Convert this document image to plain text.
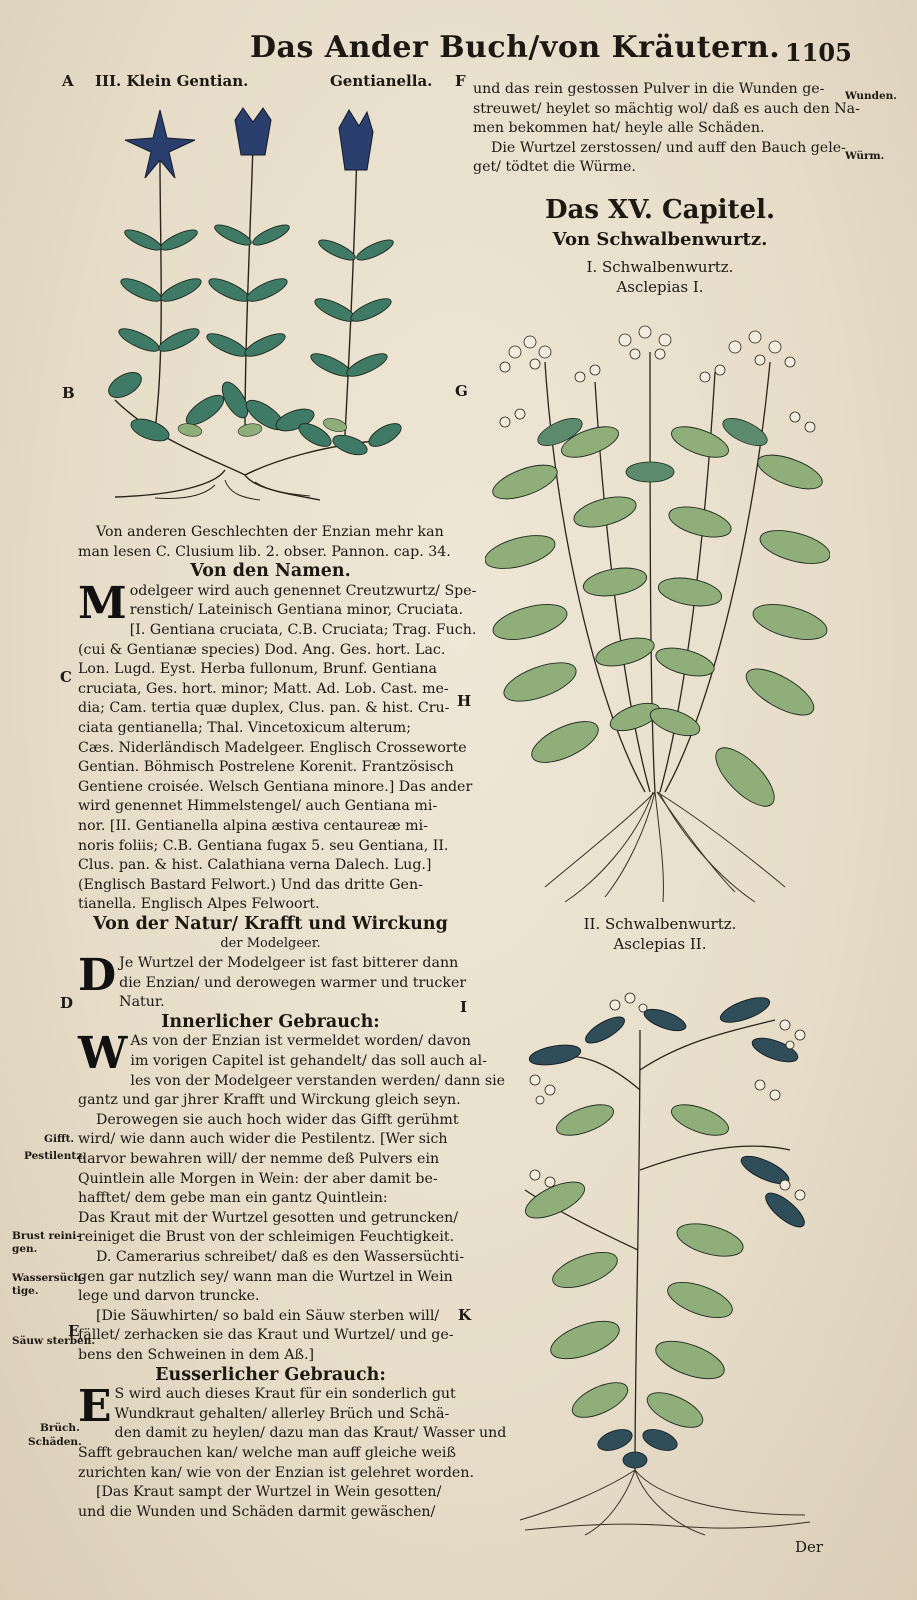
Das Ander Buch/von Kräutern. 1105
A
B
C
D
E
F
G
H
I
K
III. Klein Gentian.	Gentianella.
Von anderen Geschlechten der Enzian mehr kan
man lesen C. Clusium lib. 2. obser. Pannon. cap. 34.
Von den Namen.
M odelgeer wird auch genennet Creutzwurtz/ Spe-
renstich/ Lateinisch Gentiana minor, Cruciata.
[I. Gentiana cruciata, C.B. Cruciata; Trag. Fuch.
(cui & Gentianæ species) Dod. Ang. Ges. hort. Lac.
Lon. Lugd. Eyst. Herba fullonum, Brunf. Gentiana
cruciata, Ges. hort. minor; Matt. Ad. Lob. Cast. me-
dia; Cam. tertia quæ duplex, Clus. pan. & hist. Cru-
ciata gentianella; Thal. Vincetoxicum alterum;
Cæs. Niderländisch Madelgeer. Englisch Crosseworte
Gentian. Böhmisch Postrelene Korenit. Frantzösisch
Gentiene croisée. Welsch Gentiana minore.] Das ander
wird genennet Himmelstengel/ auch Gentiana mi-
nor. [II. Gentianella alpina æstiva centaureæ mi-
noris foliis; C.B. Gentiana fugax 5. seu Gentiana, II.
Clus. pan. & hist. Calathiana verna Dalech. Lug.]
(Englisch Bastard Felwort.) Und das dritte Gen-
tianella. Englisch Alpes Felwoort.
Von der Natur/ Krafft und Wirckung
der Modelgeer.
D Je Wurtzel der Modelgeer ist fast bitterer dann
die Enzian/ und derowegen warmer und trucker
Natur.
Innerlicher Gebrauch:
W As von der Enzian ist vermeldet worden/ davon
im vorigen Capitel ist gehandelt/ das soll auch al-
les von der Modelgeer verstanden werden/ dann sie
gantz und gar jhrer Krafft und Wirckung gleich seyn.
Derowegen sie auch hoch wider das Gifft gerühmt
wird/ wie dann auch wider die Pestilentz. [Wer sich
darvor bewahren will/ der nemme deß Pulvers ein
Quintlein alle Morgen in Wein: der aber damit be-
hafftet/ dem gebe man ein gantz Quintlein:
Das Kraut mit der Wurtzel gesotten und getruncken/
reiniget die Brust von der schleimigen Feuchtigkeit.
D. Camerarius schreibet/ daß es den Wassersüchti-
gen gar nutzlich sey/ wann man die Wurtzel in Wein
lege und darvon truncke.
[Die Säuwhirten/ so bald ein Säuw sterben will/
fället/ zerhacken sie das Kraut und Wurtzel/ und ge-
bens den Schweinen in dem Aß.]
Eusserlicher Gebrauch:
E S wird auch dieses Kraut für ein sonderlich gut
Wundkraut gehalten/ allerley Brüch und Schä-
den damit zu heylen/ dazu man das Kraut/ Wasser und
Safft gebrauchen kan/ welche man auff gleiche weiß
zurichten kan/ wie von der Enzian ist gelehret worden.
[Das Kraut sampt der Wurtzel in Wein gesotten/
und die Wunden und Schäden darmit gewäschen/
Gifft.
Pestilentz.
Brust reini-
gen.
Wassersüch-
tige.
Säuw sterben.
Brüch.
Schäden.
und das rein gestossen Pulver in die Wunden ge-
streuwet/ heylet so mächtig wol/ daß es auch den Na-
men bekommen hat/ heyle alle Schäden.
Die Wurtzel zerstossen/ und auff den Bauch gele-
get/ tödtet die Würme.
Wunden.
Würm.
Das XV. Capitel.
Von Schwalbenwurtz.
I. Schwalbenwurtz.
Asclepias I.
II. Schwalbenwurtz.
Asclepias II.
Der
